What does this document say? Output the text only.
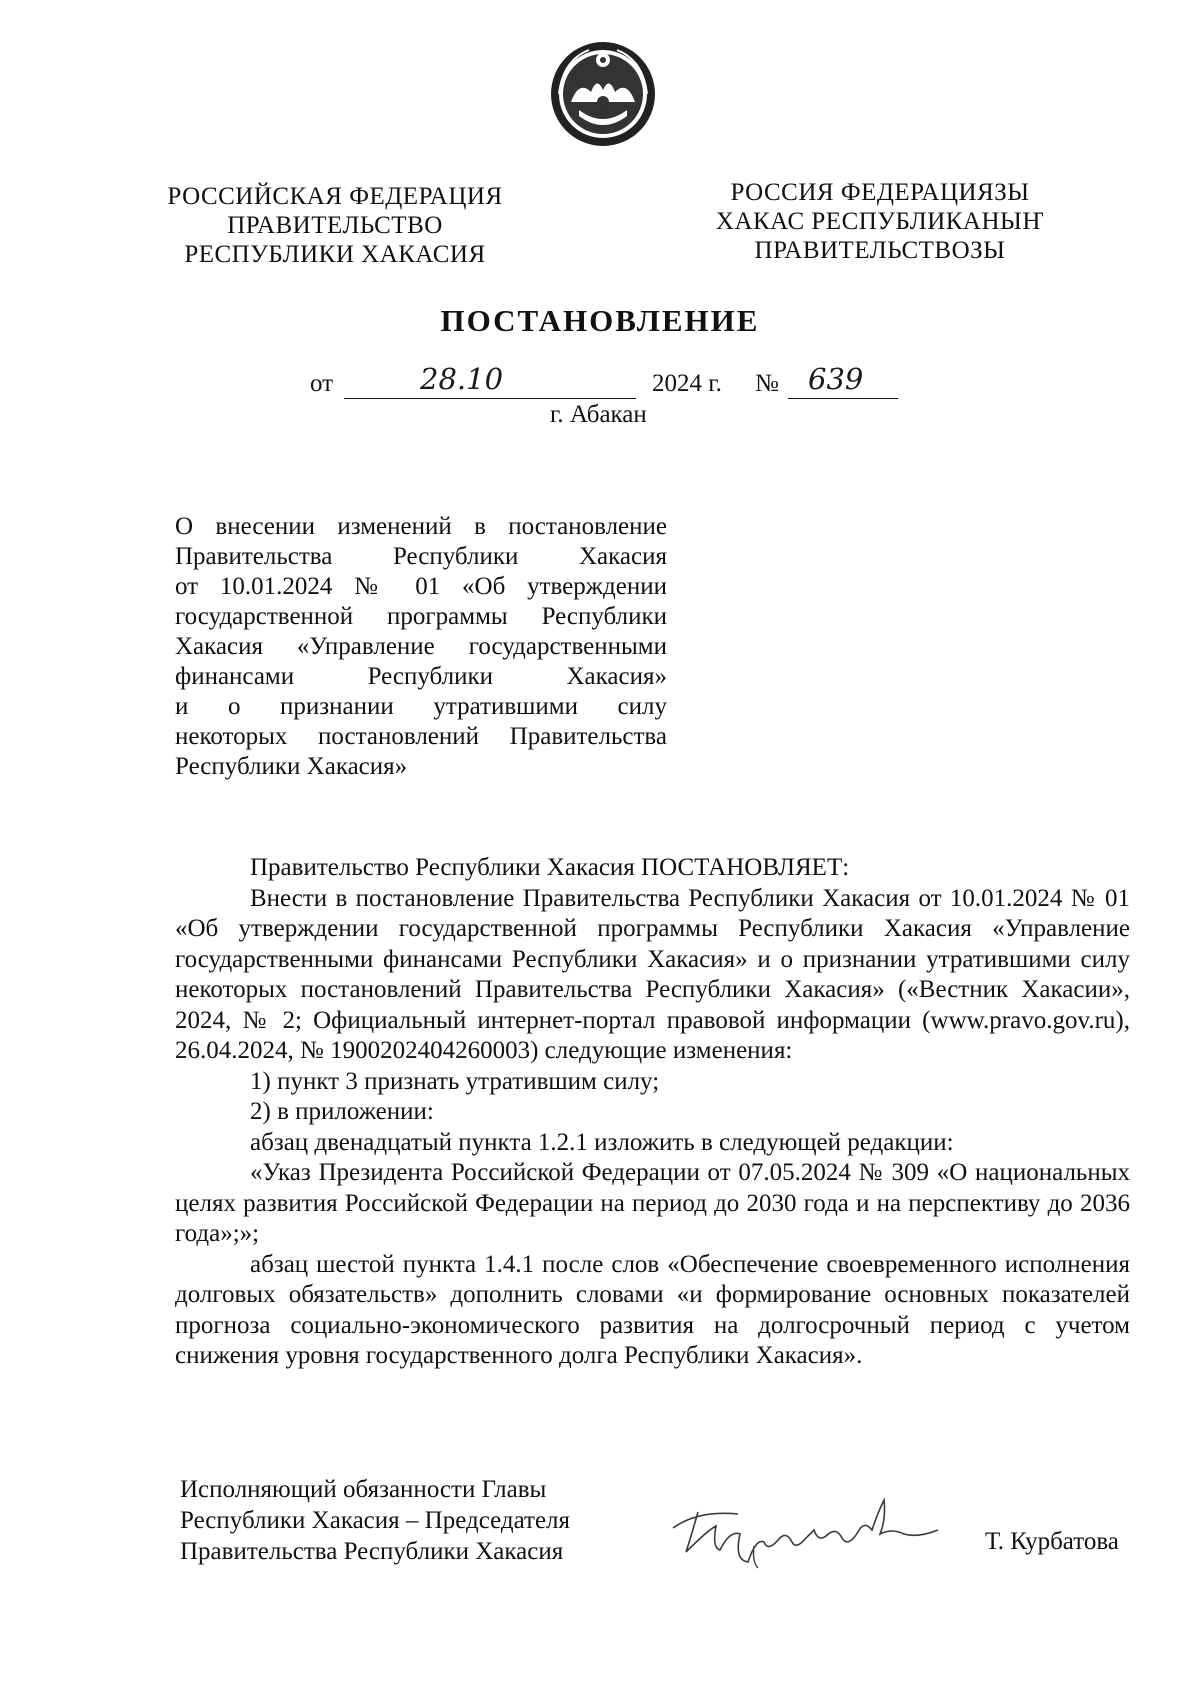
РОССИЙСКАЯ ФЕДЕРАЦИЯ
ПРАВИТЕЛЬСТВО
РЕСПУБЛИКИ ХАКАСИЯ
РОССИЯ ФЕДЕРАЦИЯЗЫ
ХАКАС РЕСПУБЛИКАНЫҤ
ПРАВИТЕЛЬСТВОЗЫ
ПОСТАНОВЛЕНИЕ
от	28.10	2024 г. № 639
г. Абакан
О внесении изменений в постановление
Правительства Республики Хакасия
от 10.01.2024 № 01 «Об утверждении
государственной программы Республики
Хакасия «Управление государственными
финансами Республики Хакасия»
и о признании утратившими силу
некоторых постановлений Правительства
Республики Хакасия»

Правительство Республики Хакасия ПОСТАНОВЛЯЕТ:

Внести в постановление Правительства Республики Хакасия от 10.01.2024 № 01 «Об утверждении государственной программы Республики Хакасия «Управление государственными финансами Республики Хакасия» и о признании утратившими силу некоторых постановлений Правительства Республики Хакасия» («Вестник Хакасии», 2024, № 2; Официальный интернет-портал правовой информации (www.pravo.gov.ru), 26.04.2024, № 1900202404260003) следующие изменения:

1) пункт 3 признать утратившим силу;

2) в приложении:

абзац двенадцатый пункта 1.2.1 изложить в следующей редакции:

«Указ Президента Российской Федерации от 07.05.2024 № 309 «О национальных целях развития Российской Федерации на период до 2030 года и на перспективу до 2036 года»;»;

абзац шестой пункта 1.4.1 после слов «Обеспечение своевременного исполнения долговых обязательств» дополнить словами «и формирование основных показателей прогноза социально-экономического развития на долгосрочный период с учетом снижения уровня государственного долга Республики Хакасия».

Исполняющий обязанности Главы
Республики Хакасия – Председателя
Правительства Республики Хакасия	Т. Курбатова
